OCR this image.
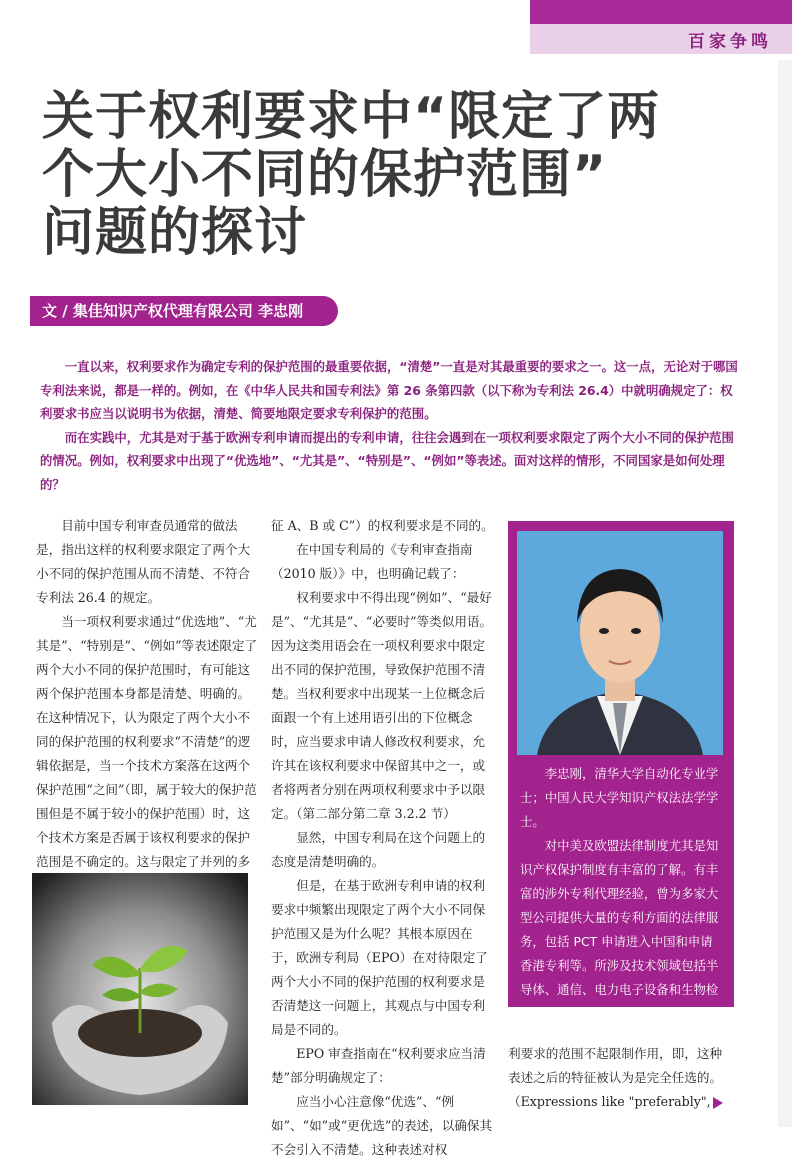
百家争鸣
关于权利要求中“限定了两
个大小不同的保护范围”
问题的探讨
文 / 集佳知识产权代理有限公司 李忠刚

一直以来，权利要求作为确定专利的保护范围的最重要依据，“清楚”一直是对其最重要的要求之一。这一点，无论对于哪国专利法来说，都是一样的。例如，在《中华人民共和国专利法》第 26 条第四款（以下称为专利法 26.4）中就明确规定了：权利要求书应当以说明书为依据，清楚、简要地限定要求专利保护的范围。

而在实践中，尤其是对于基于欧洲专利申请而提出的专利申请，往往会遇到在一项权利要求限定了两个大小不同的保护范围的情况。例如，权利要求中出现了“优选地”、“尤其是”、“特别是”、“例如”等表述。面对这样的情形，不同国家是如何处理的？

目前中国专利审查员通常的做法是，指出这样的权利要求限定了两个大小不同的保护范围从而不清楚、不符合专利法 26.4 的规定。

当一项权利要求通过“优选地”、“尤其是”、“特别是”、“例如”等表述限定了两个大小不同的保护范围时，有可能这两个保护范围本身都是清楚、明确的。在这种情况下，认为限定了两个大小不同的保护范围的权利要求“不清楚”的逻辑依据是，当一个技术方案落在这两个保护范围“之间”（即，属于较大的保护范围但是不属于较小的保护范围）时，这个技术方案是否属于该权利要求的保护范围是不确定的。这与限定了并列的多

征 A、B 或 C”）的权利要求是不同的。

在中国专利局的《专利审查指南（2010 版）》中，也明确记载了：

权利要求中不得出现“例如”、“最好是”、“尤其是”、“必要时”等类似用语。因为这类用语会在一项权利要求中限定出不同的保护范围，导致保护范围不清楚。当权利要求中出现某一上位概念后面跟一个有上述用语引出的下位概念时，应当要求申请人修改权利要求，允许其在该权利要求中保留其中之一，或者将两者分别在两项权利要求中予以限定。（第二部分第二章 3.2.2 节）

显然，中国专利局在这个问题上的态度是清楚明确的。

但是，在基于欧洲专利申请的权利要求中频繁出现限定了两个大小不同保护范围又是为什么呢？其根本原因在于，欧洲专利局（EPO）在对待限定了两个大小不同的保护范围的权利要求是否清楚这一问题上，其观点与中国专利局是不同的。

EPO 审查指南在“权利要求应当清楚”部分明确规定了：

应当小心注意像“优选”、“例如”、“如”或“更优选”的表述，以确保其不会引入不清楚。这种表述对权

李忠刚，清华大学自动化专业学士；中国人民大学知识产权法法学学士。

对中美及欧盟法律制度尤其是知识产权保护制度有丰富的了解。有丰富的涉外专利代理经验，曾为多家大型公司提供大量的专利方面的法律服务，包括 PCT 申请进入中国和申请香港专利等。所涉及技术领域包括半导体、通信、电力电子设备和生物检测技术等。

利要求的范围不起限制作用，即，这种表述之后的特征被认为是完全任选的。

（Expressions like "preferably",
